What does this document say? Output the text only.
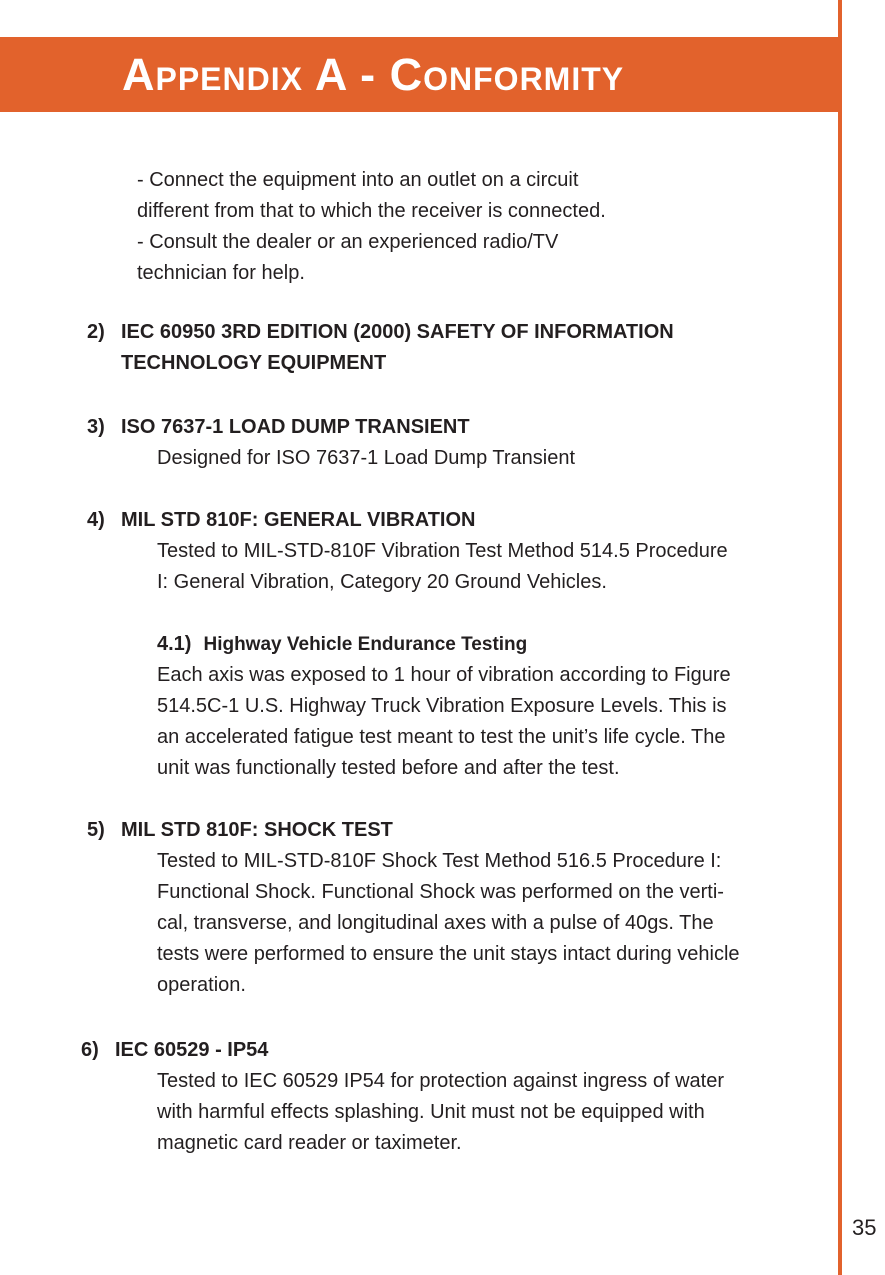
Appendix A - Conformity

- Connect the equipment into an outlet on a circuit

different from that to which the receiver is connected.

- Consult the dealer or an experienced radio/TV

technician for help.

2) IEC 60950 3RD EDITION (2000) SAFETY OF INFORMATION
TECHNOLOGY EQUIPMENT
3) ISO 7637-1 LOAD DUMP TRANSIENT

Designed for ISO 7637-1 Load Dump Transient

4) MIL STD 810F: GENERAL VIBRATION

Tested to MIL-STD-810F Vibration Test Method 514.5 Procedure

I: General Vibration, Category 20 Ground Vehicles.

4.1) Highway Vehicle Endurance Testing

Each axis was exposed to 1 hour of vibration according to Figure

514.5C-1 U.S. Highway Truck Vibration Exposure Levels. This is

an accelerated fatigue test meant to test the unit’s life cycle. The

unit was functionally tested before and after the test.

5) MIL STD 810F: SHOCK TEST

Tested to MIL-STD-810F Shock Test Method 516.5 Procedure I:

Functional Shock. Functional Shock was performed on the verti-

cal, transverse, and longitudinal axes with a pulse of 40gs. The

tests were performed to ensure the unit stays intact during vehicle

operation.

6) IEC 60529 - IP54

Tested to IEC 60529 IP54 for protection against ingress of water

with harmful effects splashing. Unit must not be equipped with

magnetic card reader or taximeter.

35
